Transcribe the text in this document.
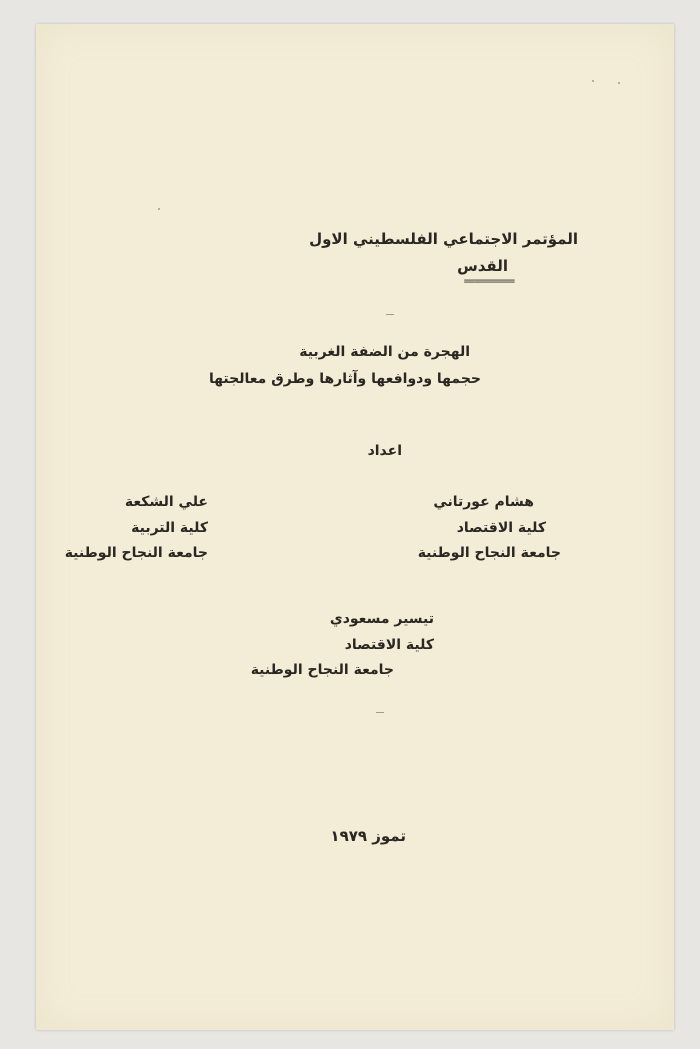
المؤتمر الاجتماعي الفلسطيني الاول
القدس
==========
الهجرة من الضفة الغربية
حجمها ودوافعها وآثارها وطرق معالجتها
اعداد
هشام عورتاني
كلية الاقتصاد
جامعة النجاح الوطنية
علي الشكعة
كلية التربية
جامعة النجاح الوطنية
تيسير مسعودي
كلية الاقتصاد
جامعة النجاح الوطنية
تموز ١٩٧٩
